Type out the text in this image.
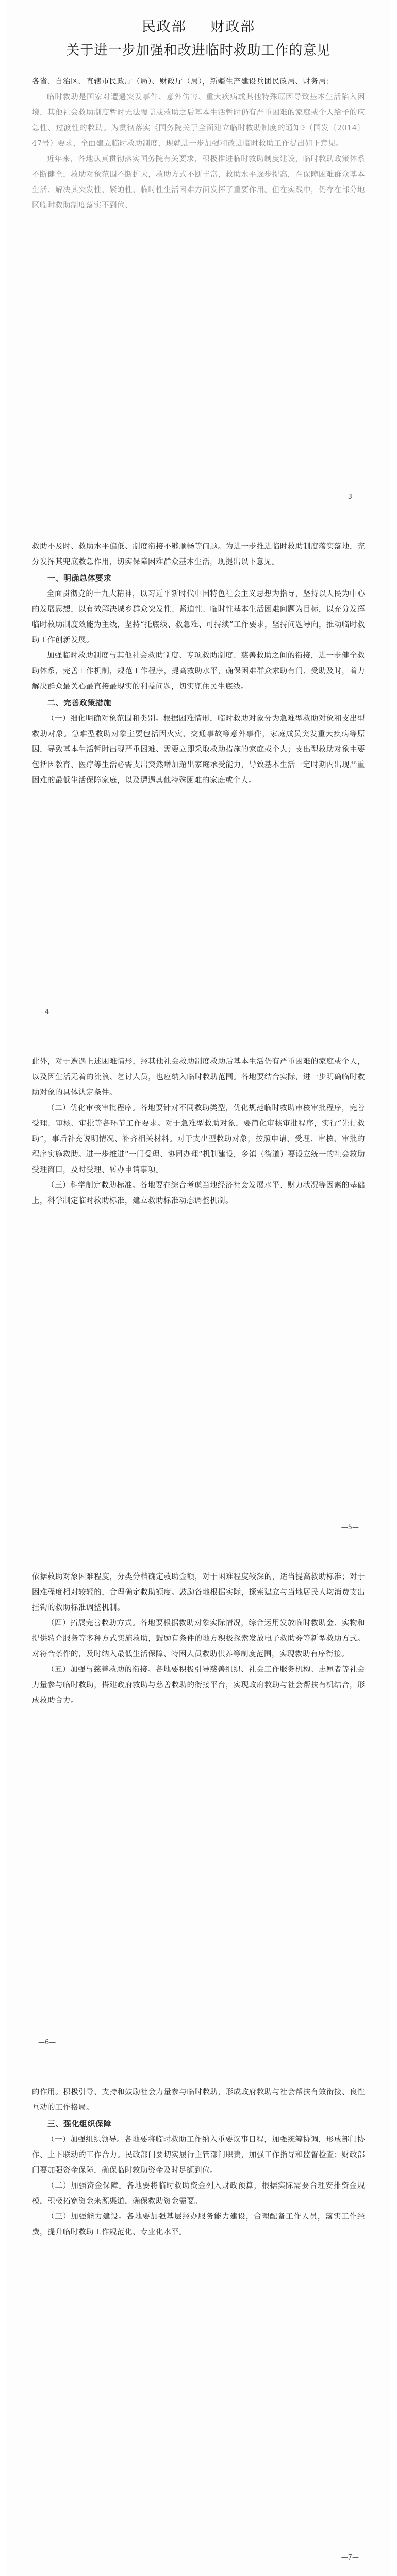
民政部 财政部
关于进一步加强和改进临时救助工作的意见

各省、自治区、直辖市民政厅（局）、财政厅（局），新疆生产建设兵团民政局、财务局：

临时救助是国家对遭遇突发事件、意外伤害、重大疾病或其他特殊原因导致基本生活陷入困境，其他社会救助制度暂时无法覆盖或救助之后基本生活暂时仍有严重困难的家庭或个人给予的应急性、过渡性的救助。为贯彻落实《国务院关于全面建立临时救助制度的通知》（国发〔2014〕47号）要求，全面建立临时救助制度，现就进一步加强和改进临时救助工作提出如下意见。

近年来，各地认真贯彻落实国务院有关要求，积极推进临时救助制度建设，临时救助政策体系不断健全，救助对象范围不断扩大，救助方式不断丰富，救助水平逐步提高，在保障困难群众基本生活、解决其突发性、紧迫性、临时性生活困难方面发挥了重要作用。但在实践中，仍存在部分地区临时救助制度落实不到位、

—3—

救助不及时、救助水平偏低、制度衔接不够顺畅等问题。为进一步推进临时救助制度落实落地，充分发挥其兜底救急作用，切实保障困难群众基本生活，现提出以下意见。

一、明确总体要求

全面贯彻党的十九大精神，以习近平新时代中国特色社会主义思想为指导，坚持以人民为中心的发展思想，以有效解决城乡群众突发性、紧迫性、临时性基本生活困难问题为目标，以充分发挥临时救助制度效能为主线，坚持“托底线、救急难、可持续”工作要求，坚持问题导向，推动临时救助工作创新发展。

加强临时救助制度与其他社会救助制度、专项救助制度、慈善救助之间的衔接，进一步健全救助体系，完善工作机制，规范工作程序，提高救助水平，确保困难群众求助有门、受助及时，着力解决群众最关心最直接最现实的利益问题，切实兜住民生底线。

二、完善政策措施

（一）细化明确对象范围和类别。根据困难情形，临时救助对象分为急难型救助对象和支出型救助对象。急难型救助对象主要包括因火灾、交通事故等意外事件，家庭成员突发重大疾病等原因，导致基本生活暂时出现严重困难、需要立即采取救助措施的家庭或个人；支出型救助对象主要包括因教育、医疗等生活必需支出突然增加超出家庭承受能力，导致基本生活一定时期内出现严重困难的最低生活保障家庭，以及遭遇其他特殊困难的家庭或个人。

—4—

此外，对于遭遇上述困难情形，经其他社会救助制度救助后基本生活仍有严重困难的家庭或个人，以及因生活无着的流浪、乞讨人员，也应纳入临时救助范围。各地要结合实际，进一步明确临时救助对象的具体认定条件。

（二）优化审核审批程序。各地要针对不同救助类型，优化规范临时救助审核审批程序，完善受理、审核、审批等各环节工作要求。对于急难型救助对象，要简化审核审批程序，实行“先行救助”，事后补充说明情况、补齐相关材料。对于支出型救助对象，按照申请、受理、审核、审批的程序实施救助。进一步推进“一门受理、协同办理”机制建设，乡镇（街道）要设立统一的社会救助受理窗口，及时受理、转办申请事项。

（三）科学制定救助标准。各地要在综合考虑当地经济社会发展水平、财力状况等因素的基础上，科学制定临时救助标准，建立救助标准动态调整机制。

—5—

依据救助对象困难程度，分类分档确定救助金额，对于困难程度较深的，适当提高救助标准；对于困难程度相对较轻的，合理确定救助额度。鼓励各地根据实际，探索建立与当地居民人均消费支出挂钩的救助标准调整机制。

（四）拓展完善救助方式。各地要根据救助对象实际情况，综合运用发放临时救助金、实物和提供转介服务等多种方式实施救助，鼓励有条件的地方积极探索发放电子救助券等新型救助方式。对符合条件的，及时纳入最低生活保障、特困人员救助供养等制度范围，实现救助有序衔接。

（五）加强与慈善救助的衔接。各地要积极引导慈善组织、社会工作服务机构、志愿者等社会力量参与临时救助，搭建政府救助与慈善救助的衔接平台，实现政府救助与社会帮扶有机结合，形成救助合力。

—6—

的作用。积极引导、支持和鼓励社会力量参与临时救助，形成政府救助与社会帮扶有效衔接、良性互动的工作格局。

三、强化组织保障

（一）加强组织领导。各地要将临时救助工作纳入重要议事日程，加强统筹协调，形成部门协作、上下联动的工作合力。民政部门要切实履行主管部门职责，加强工作指导和监督检查；财政部门要加强资金保障，确保临时救助资金及时足额到位。

（二）加强资金保障。各地要将临时救助资金列入财政预算，根据实际需要合理安排资金规模，积极拓宽资金来源渠道，确保救助资金需要。

（三）加强能力建设。各地要加强基层经办服务能力建设，合理配备工作人员，落实工作经费，提升临时救助工作规范化、专业化水平。

—7—
